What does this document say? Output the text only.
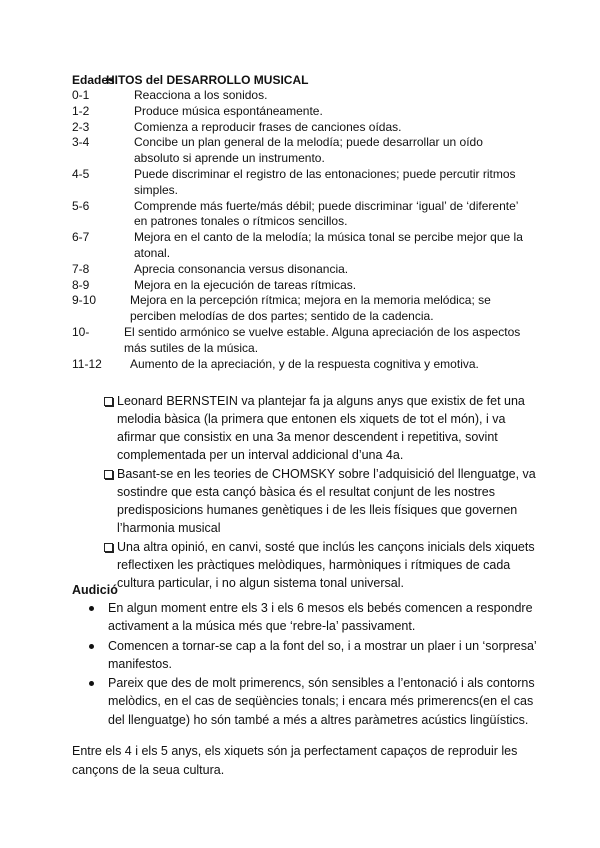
Edades
HITOS del DESARROLLO MUSICAL
0-1	Reacciona a los sonidos.
1-2	Produce música espontáneamente.
2-3	Comienza a reproducir frases de canciones oídas.
3-4	Concibe un plan general de la melodía; puede desarrollar un oído
absoluto si aprende un instrumento.
4-5	Puede discriminar el registro de las entonaciones; puede percutir ritmos
simples.
5-6	Comprende más fuerte/más débil; puede discriminar ‘igual’ de ‘diferente’
en patrones tonales o rítmicos sencillos.
6-7	Mejora en el canto de la melodía; la música tonal se percibe mejor que la
atonal.
7-8	Aprecia consonancia versus disonancia.
8-9	Mejora en la ejecución de tareas rítmicas.
9-10	Mejora en la percepción rítmica; mejora en la memoria melódica; se
perciben melodías de dos partes; sentido de la cadencia.
10-	El sentido armónico se vuelve estable. Alguna apreciación de los aspectos
más sutiles de la música.
11-12	Aumento de la apreciación, y de la respuesta cognitiva y emotiva.
Leonard BERNSTEIN va plantejar fa ja alguns anys que existix de fet una melodia bàsica (la primera que entonen els xiquets de tot el món), i va afirmar que consistix en una 3a menor descendent i repetitiva, sovint complementada per un interval addicional d’una 4a.
Basant-se en les teories de CHOMSKY sobre l’adquisició del llenguatge, va sostindre que esta cançó bàsica és el resultat conjunt de les nostres predisposicions humanes genètiques i de les lleis físiques que governen l’harmonia musical
Una altra opinió, en canvi, sosté que inclús les cançons inicials dels xiquets reflectixen les pràctiques melòdiques, harmòniques i rítmiques de cada cultura particular, i no algun sistema tonal universal.
Audició
En algun moment entre els 3 i els 6 mesos els bebés comencen a respondre activament a la música més que ‘rebre-la’ passivament.
Comencen a tornar-se cap a la font del so, i a mostrar un plaer i un ‘sorpresa’ manifestos.
Pareix que des de molt primerencs, són sensibles a l’entonació i als contorns melòdics, en el cas de seqüències tonals; i encara més primerencs(en el cas del llenguatge) ho són també a més a altres paràmetres acústics lingüístics.
Entre els 4 i els 5 anys, els xiquets són ja perfectament capaços de reproduir les cançons de la seua cultura.
